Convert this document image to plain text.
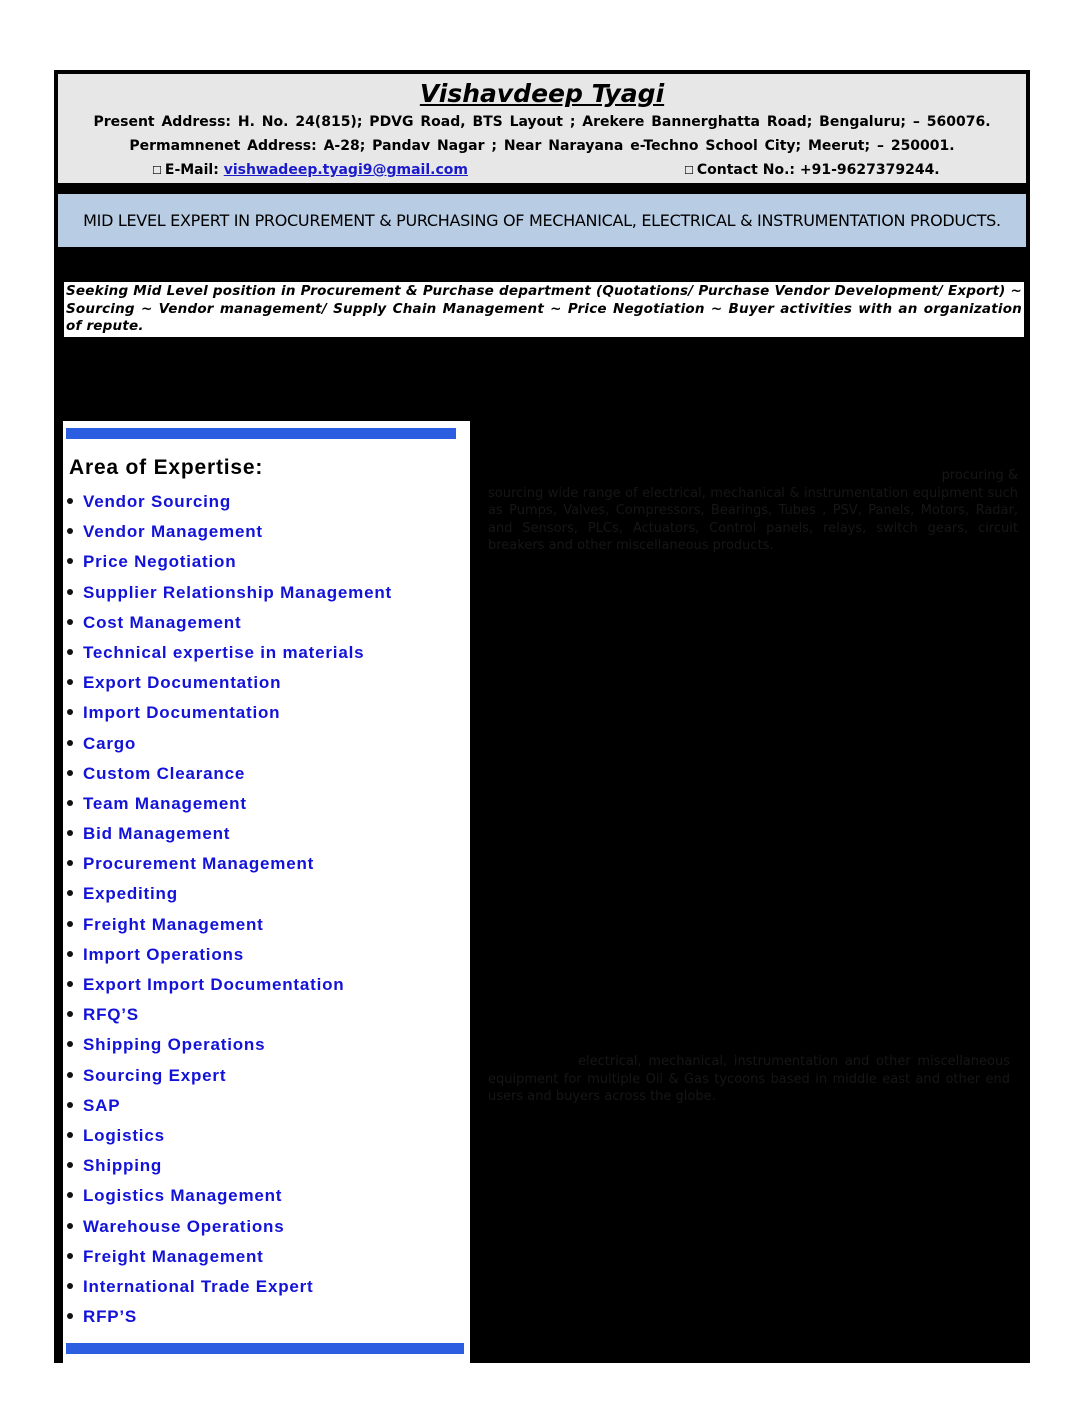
Vishavdeep Tyagi
Present Address: H. No. 24(815); PDVG Road, BTS Layout ; Arekere Bannerghatta Road; Bengaluru; – 560076.
Permamnenet Address: A-28; Pandav Nagar ; Near Narayana e-Techno School City; Meerut; – 250001.
☐ E-Mail: vishwadeep.tyagi9@gmail.com	☐ Contact No.: +91-9627379244.
MID LEVEL EXPERT IN PROCUREMENT & PURCHASING OF MECHANICAL, ELECTRICAL & INSTRUMENTATION PRODUCTS.
Seeking Mid Level position in Procurement & Purchase department (Quotations/ Purchase Vendor Development/ Export) ~ Sourcing ~ Vendor management/ Supply Chain Management ~ Price Negotiation ~ Buyer activities with an organization of repute.
Area of Expertise:
Vendor Sourcing
Vendor Management
Price Negotiation
Supplier Relationship Management
Cost Management
Technical expertise in materials
Export Documentation
Import Documentation
Cargo
Custom Clearance
Team Management
Bid Management
Procurement Management
Expediting
Freight Management
Import Operations
Export Import Documentation
RFQ’S
Shipping Operations
Sourcing Expert
SAP
Logistics
Shipping
Logistics Management
Warehouse Operations
Freight Management
International Trade Expert
RFP’S
procuring &
sourcing wide range of electrical, mechanical & instrumentation equipment such as Pumps, Valves, Compressors, Bearings, Tubes , PSV, Panels, Motors, Radar, and Sensors, PLCs, Actuators, Control panels, relays, switch gears, circuit breakers and other miscellaneous products.
electrical, mechanical, instrumentation and other miscellaneous equipment for multiple Oil & Gas tycoons based in middle east and other end users and buyers across the globe.
